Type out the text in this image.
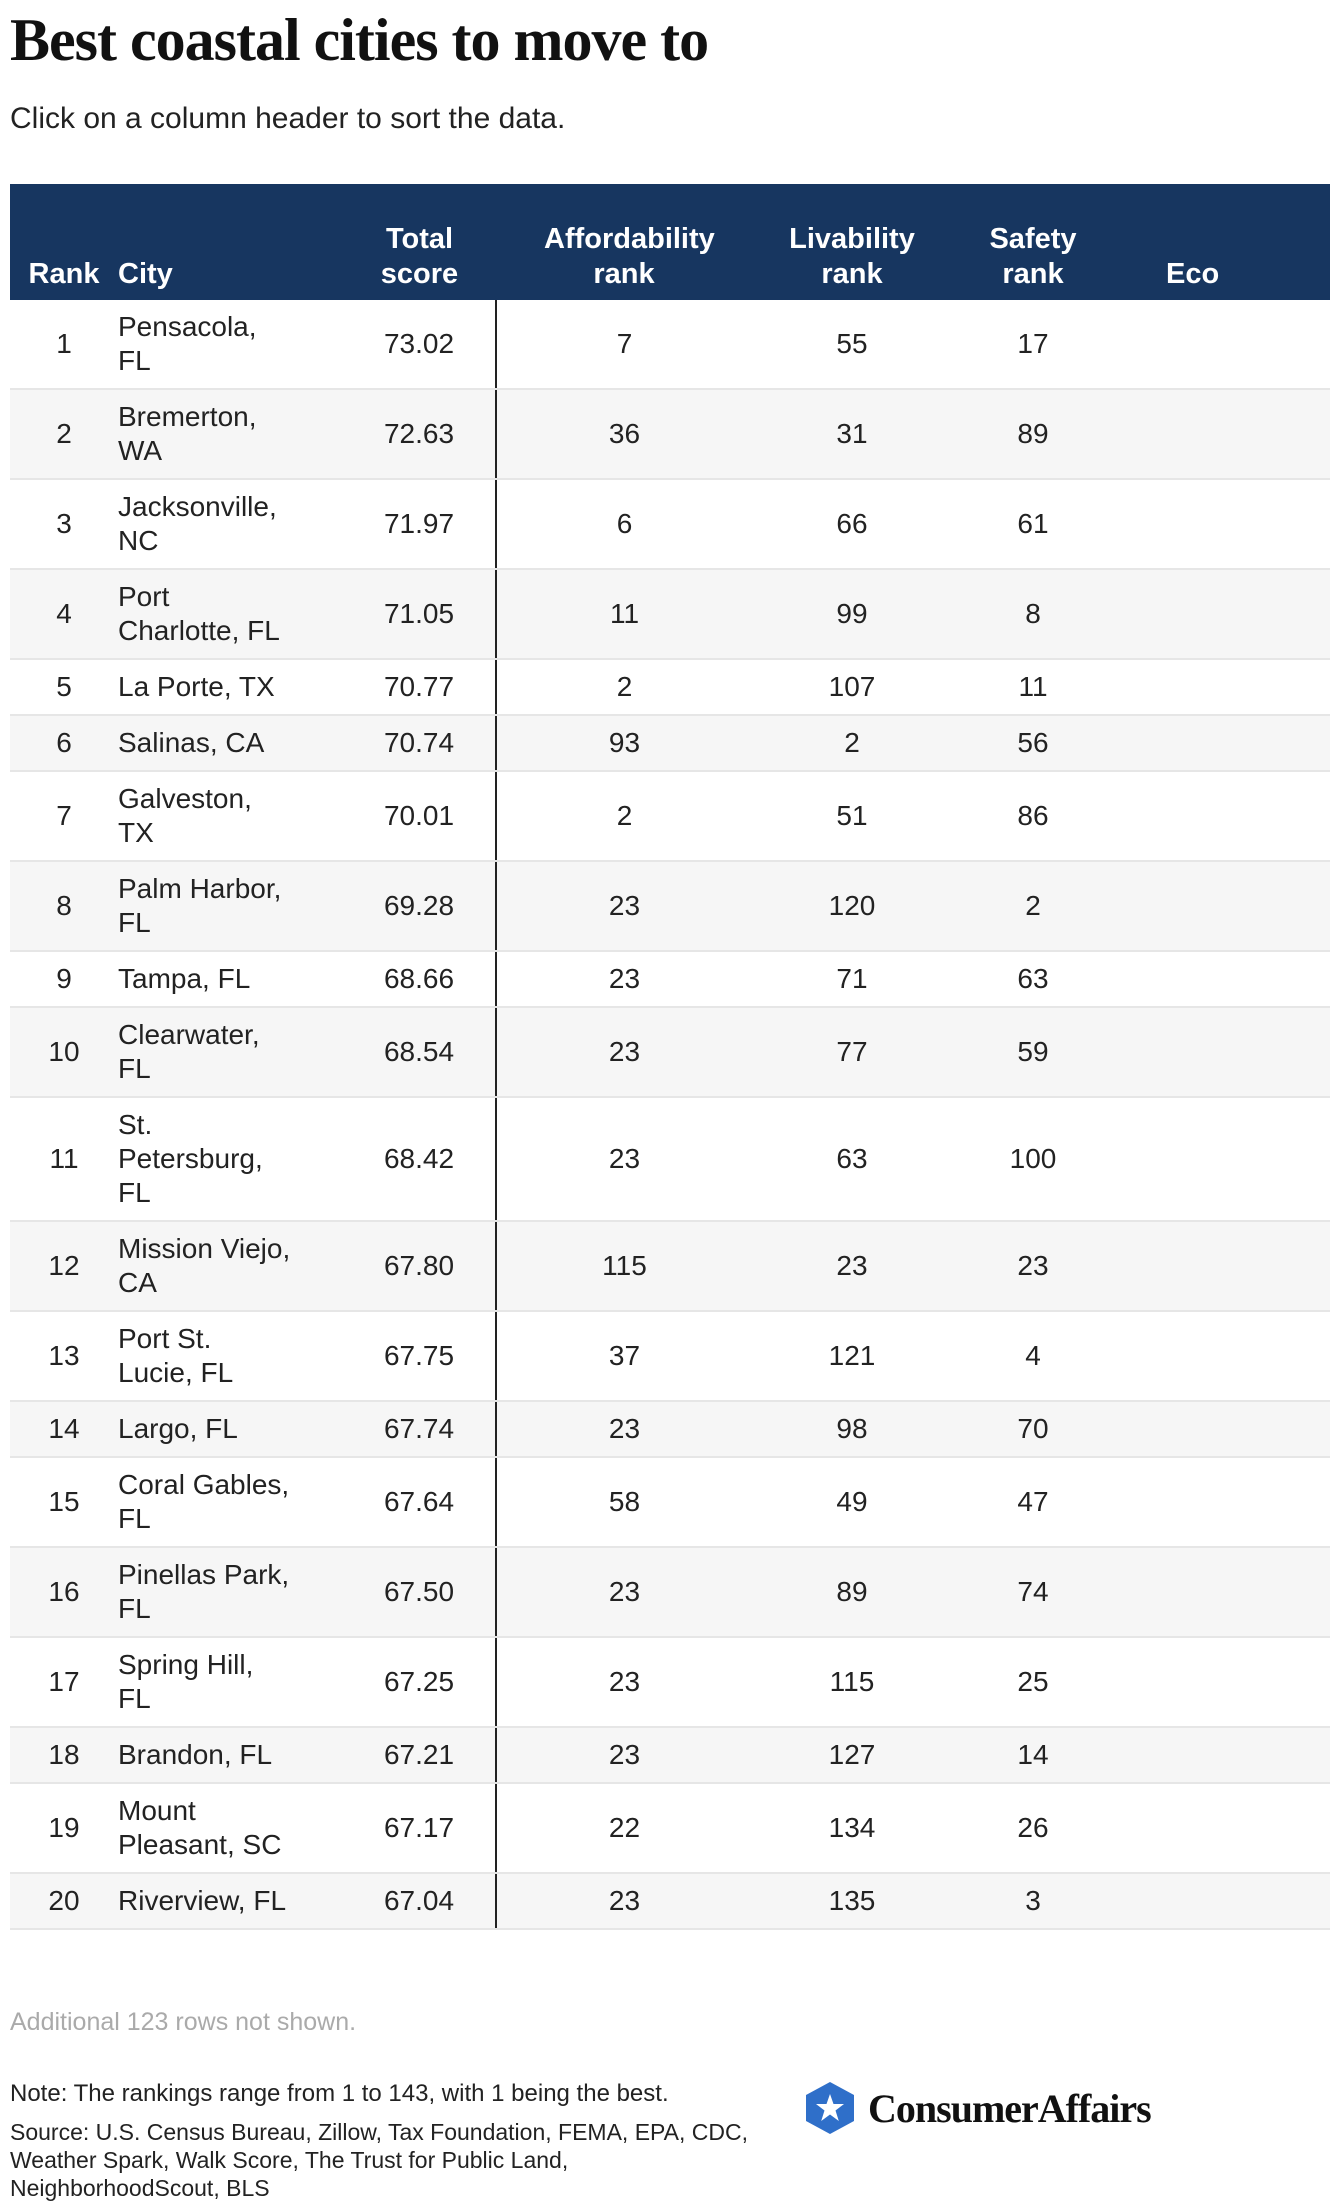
Best coastal cities to move to
Click on a column header to sort the data.
Rank	City	Total score	Affordability rank	Livability rank	Safety rank	Eco
1	Pensacola, FL	73.02	7	55	17	
2	Bremerton, WA	72.63	36	31	89	
3	Jacksonville, NC	71.97	6	66	61	
4	Port Charlotte, FL	71.05	11	99	8	
5	La Porte, TX	70.77	2	107	11	
6	Salinas, CA	70.74	93	2	56	
7	Galveston, TX	70.01	2	51	86	
8	Palm Harbor, FL	69.28	23	120	2	
9	Tampa, FL	68.66	23	71	63	
10	Clearwater, FL	68.54	23	77	59	
11	St. Petersburg, FL	68.42	23	63	100	
12	Mission Viejo, CA	67.80	115	23	23	
13	Port St. Lucie, FL	67.75	37	121	4	
14	Largo, FL	67.74	23	98	70	
15	Coral Gables, FL	67.64	58	49	47	
16	Pinellas Park, FL	67.50	23	89	74	
17	Spring Hill, FL	67.25	23	115	25	
18	Brandon, FL	67.21	23	127	14	
19	Mount Pleasant, SC	67.17	22	134	26	
20	Riverview, FL	67.04	23	135	3	
Additional 123 rows not shown.
Note: The rankings range from 1 to 143, with 1 being the best.
Source: U.S. Census Bureau, Zillow, Tax Foundation, FEMA, EPA, CDC, Weather Spark, Walk Score, The Trust for Public Land, NeighborhoodScout, BLS
ConsumerAffairs
